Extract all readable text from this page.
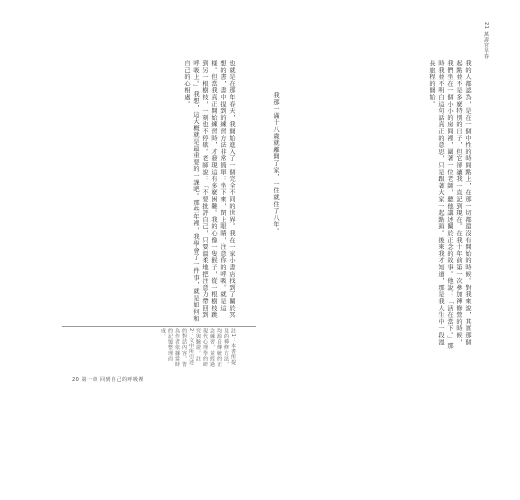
21 萬壽宮早春
我的人都認為，是在一個中性的時間點上，在那一切都還沒有開始的時候。對我來說，其實那個起點並不是多麼特別的日子，但它卻讓我一直記到現在。在我十年前第一次參加禪修營的時候，我們坐在一個小小的房間裡，圍著一位老師，聽他講述關於正念的故事。他說：「活在當下。」那時我並不明白這句話真正的意思，只是跟著大家一起點頭。後來我才知道，那是我人生中一段漫長旅程的開始。
我那一滿十八歲就離開了家，一住就住了八年。
也就是在那年春天，我開始進入了一個完全不同的世界。我在一家小書店找到了關於冥想的書，書中提到的練習方法非常簡單：坐下來，閉上眼睛，注意你的呼吸。就是這樣。但當我真正開始練習時，才發現這有多麼困難。我的心像一隻猴子，從一根樹枝跳到另一根樹枝，一刻也不停歇。老師說：「不要批評自己，只要溫柔地把注意力帶回到呼吸上。」我想，這大概就是最重要的一課吧。那些年裡，我學會了一件事，就是如何和自己的心相處。
註1：本書所提及的禪修方法，均源自傳統的正念練習，並經過現代心理學的研究與驗證。註2：文中所引述的對話內容，皆為作者依據當時的記憶整理而成。
20 第一章 回到自己的呼吸裡
